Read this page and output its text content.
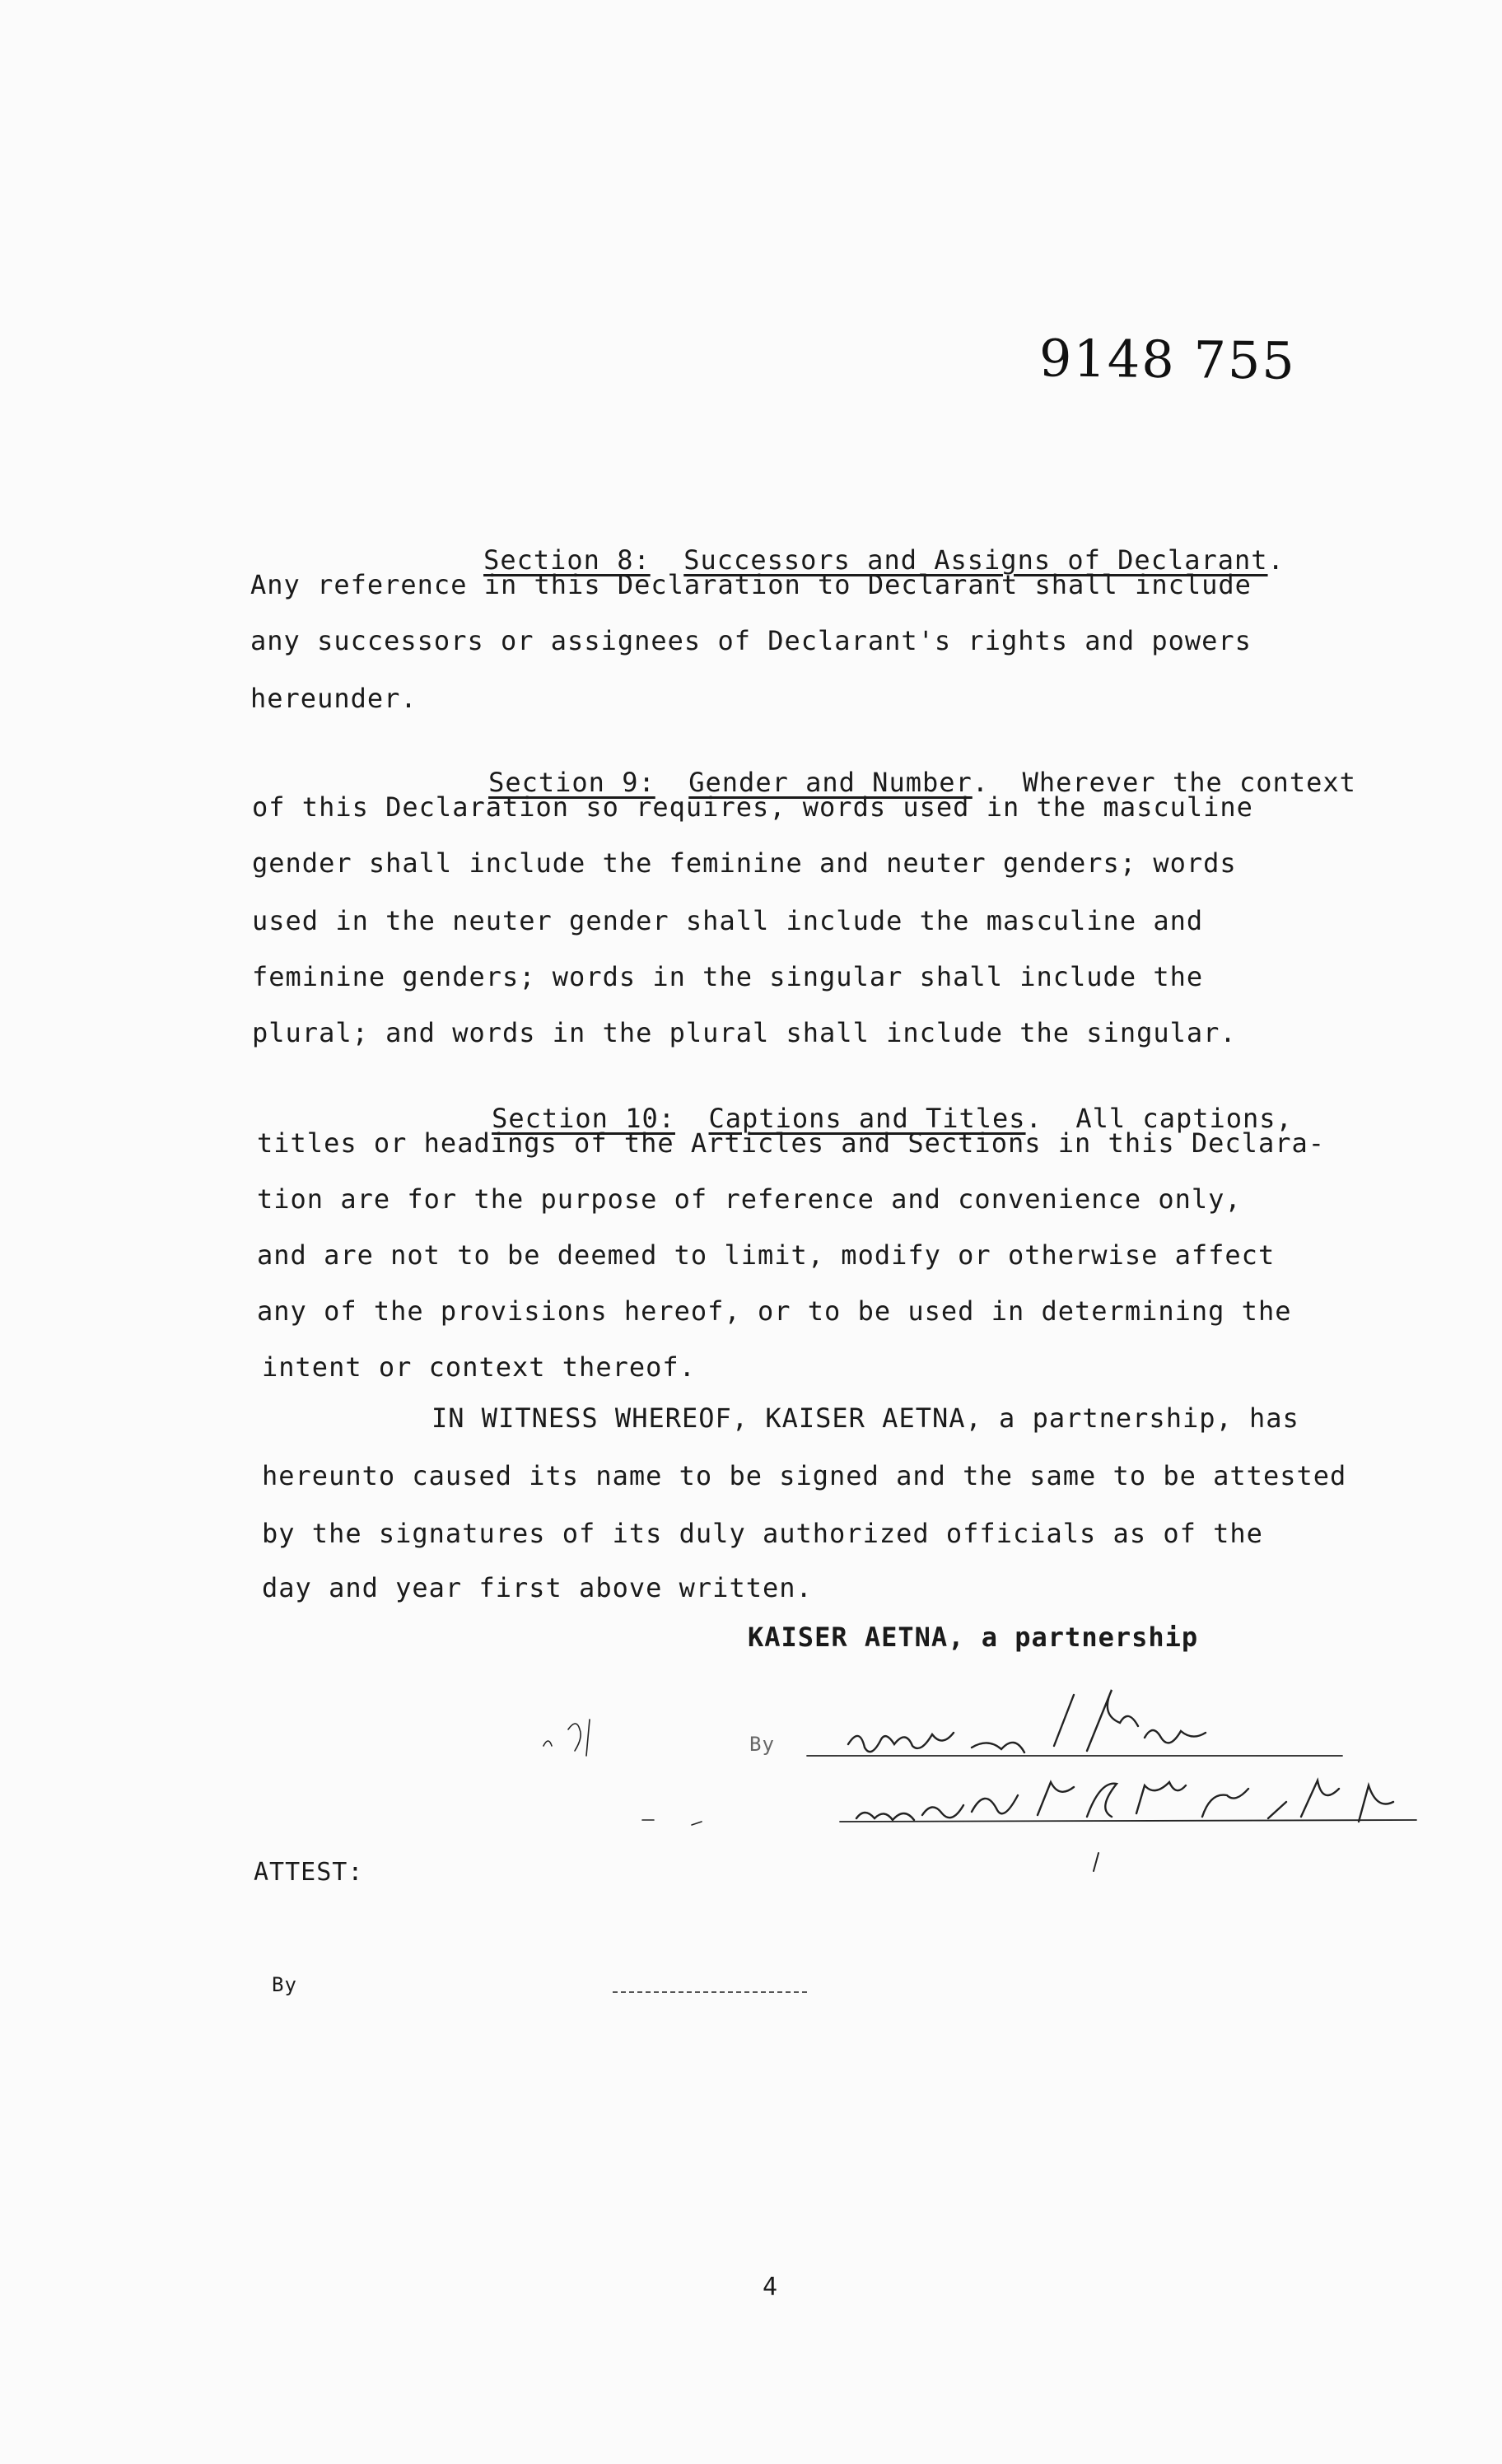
9148 755

Section 8: Successors and Assigns of Declarant.

Any reference in this Declaration to Declarant shall include
any successors or assignees of Declarant's rights and powers
hereunder.

Section 9: Gender and Number.  Wherever the context

of this Declaration so requires, words used in the masculine
gender shall include the feminine and neuter genders; words
used in the neuter gender shall include the masculine and
feminine genders; words in the singular shall include the
plural; and words in the plural shall include the singular.

Section 10: Captions and Titles.  All captions,

titles or headings of the Articles and Sections in this Declara-
tion are for the purpose of reference and convenience only,
and are not to be deemed to limit, modify or otherwise affect
any of the provisions hereof, or to be used in determining the
intent or context thereof.
IN WITNESS WHEREOF, KAISER AETNA, a partnership, has
hereunto caused its name to be signed and the same to be attested
by the signatures of its duly authorized officials as of the
day and year first above written.
KAISER AETNA, a partnership
By
ATTEST:
By
4
